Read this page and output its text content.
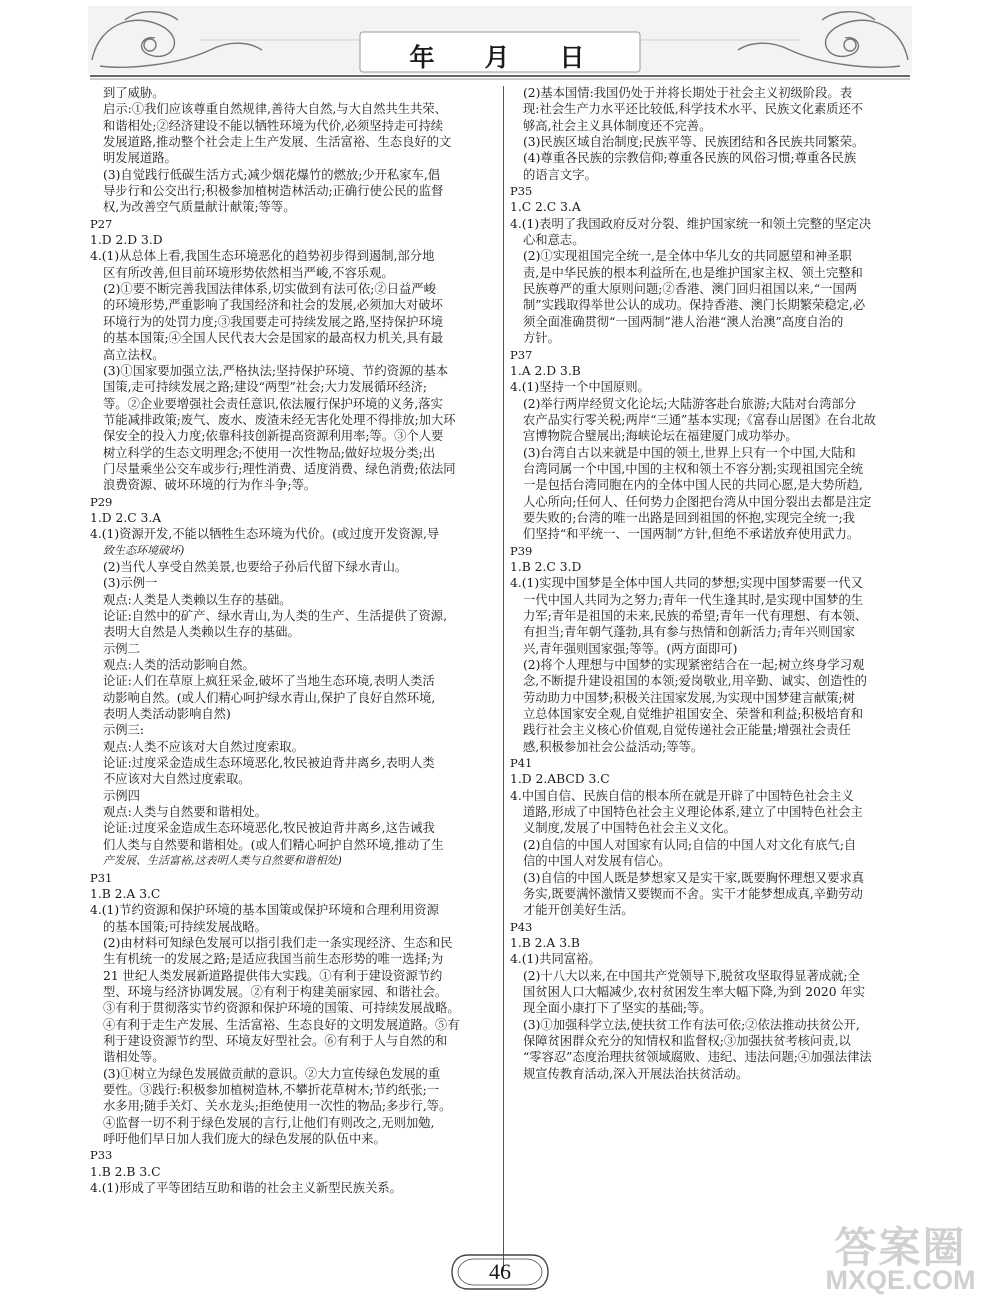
年 月 日
到了威胁。
启示:①我们应该尊重自然规律,善待大自然,与大自然共生共荣、
和谐相处;②经济建设不能以牺牲环境为代价,必须坚持走可持续
发展道路,推动整个社会走上生产发展、生活富裕、生态良好的文
明发展道路。
(3)自觉践行低碳生活方式;减少烟花爆竹的燃放;少开私家车,倡
导步行和公交出行;积极参加植树造林活动;正确行使公民的监督
权,为改善空气质量献计献策;等等。
P27
1.D 2.D 3.D
4.(1)从总体上看,我国生态环境恶化的趋势初步得到遏制,部分地
区有所改善,但目前环境形势依然相当严峻,不容乐观。
(2)①要不断完善我国法律体系,切实做到有法可依;②日益严峻
的环境形势,严重影响了我国经济和社会的发展,必须加大对破坏
环境行为的处罚力度;③我国要走可持续发展之路,坚持保护环境
的基本国策;④全国人民代表大会是国家的最高权力机关,具有最
高立法权。
(3)①国家要加强立法,严格执法;坚持保护环境、节约资源的基本
国策,走可持续发展之路;建设“两型”社会;大力发展循环经济;
等。②企业要增强社会责任意识,依法履行保护环境的义务,落实
节能减排政策;废气、废水、废渣未经无害化处理不得排放;加大环
保安全的投入力度;依靠科技创新提高资源利用率;等。③个人要
树立科学的生态文明理念;不使用一次性物品;做好垃圾分类;出
门尽量乘坐公交车或步行;理性消费、适度消费、绿色消费;依法同
浪费资源、破坏环境的行为作斗争;等。
P29
1.D 2.C 3.A
4.(1)资源开发,不能以牺牲生态环境为代价。(或过度开发资源,导
致生态环境破坏)
(2)当代人享受自然美景,也要给子孙后代留下绿水青山。
(3)示例一
观点:人类是人类赖以生存的基础。
论证:自然中的矿产、绿水青山,为人类的生产、生活提供了资源,
表明大自然是人类赖以生存的基础。
示例二
观点:人类的活动影响自然。
论证:人们在草原上疯狂采金,破坏了当地生态环境,表明人类活
动影响自然。(或人们精心呵护绿水青山,保护了良好自然环境,
表明人类活动影响自然)
示例三:
观点:人类不应该对大自然过度索取。
论证:过度采金造成生态环境恶化,牧民被迫背井离乡,表明人类
不应该对大自然过度索取。
示例四
观点:人类与自然要和谐相处。
论证:过度采金造成生态环境恶化,牧民被迫背井离乡,这告诫我
们人类与自然要和谐相处。(或人们精心呵护自然环境,推动了生
产发展、生活富裕,这表明人类与自然要和谐相处)
P31
1.B 2.A 3.C
4.(1)节约资源和保护环境的基本国策或保护环境和合理利用资源
的基本国策;可持续发展战略。
(2)由材料可知绿色发展可以指引我们走一条实现经济、生态和民
生有机统一的发展之路;是适应我国当前生态形势的唯一选择;为
21 世纪人类发展新道路提供伟大实践。①有利于建设资源节约
型、环境与经济协调发展。②有利于构建美丽家园、和谐社会。
③有利于贯彻落实节约资源和保护环境的国策、可持续发展战略。
④有利于走生产发展、生活富裕、生态良好的文明发展道路。⑤有
利于建设资源节约型、环境友好型社会。⑥有利于人与自然的和
谐相处等。
(3)①树立为绿色发展做贡献的意识。②大力宣传绿色发展的重
要性。③践行:积极参加植树造林,不攀折花草树木;节约纸张;一
水多用;随手关灯、关水龙头;拒绝使用一次性的物品;多步行,等。
④监督一切不利于绿色发展的言行,让他们有则改之,无则加勉,
呼吁他们早日加人我们庞大的绿色发展的队伍中来。
P33
1.B 2.B 3.C
4.(1)形成了平等团结互助和谐的社会主义新型民族关系。
(2)基本国情:我国仍处于并将长期处于社会主义初级阶段。表
现:社会生产力水平还比较低,科学技术水平、民族文化素质还不
够高,社会主义具体制度还不完善。
(3)民族区域自治制度;民族平等、民族团结和各民族共同繁荣。
(4)尊重各民族的宗教信仰;尊重各民族的风俗习惯;尊重各民族
的语言文字。
P35
1.C 2.C 3.A
4.(1)表明了我国政府反对分裂、维护国家统一和领土完整的坚定决
心和意志。
(2)①实现祖国完全统一,是全体中华儿女的共同愿望和神圣职
责,是中华民族的根本利益所在,也是维护国家主权、领土完整和
民族尊严的重大原则问题;②香港、澳门回归祖国以来,“一国两
制”实践取得举世公认的成功。保持香港、澳门长期繁荣稳定,必
须全面准确贯彻“一国两制”港人治港“澳人治澳”高度自治的
方针。
P37
1.A 2.D 3.B
4.(1)坚持一个中国原则。
(2)举行两岸经贸文化论坛;大陆游客赴台旅游;大陆对台湾部分
农产品实行零关税;两岸“三通”基本实现;《富春山居图》在台北故
宫博物院合璧展出;海峡论坛在福建厦门成功举办。
(3)台湾自古以来就是中国的领土,世界上只有一个中国,大陆和
台湾同属一个中国,中国的主权和领土不容分割;实现祖国完全统
一是包括台湾同胞在内的全体中国人民的共同心愿,是大势所趋,
人心所向;任何人、任何势力企图把台湾从中国分裂出去都是注定
要失败的;台湾的唯一出路是回到祖国的怀抱,实现完全统一;我
们坚持“和平统一、一国两制”方针,但绝不承诺放弃使用武力。
P39
1.B 2.C 3.D
4.(1)实现中国梦是全体中国人共同的梦想;实现中国梦需要一代又
一代中国人共同为之努力;青年一代生逢其时,是实现中国梦的生
力军;青年是祖国的未来,民族的希望;青年一代有理想、有本领、
有担当;青年朝气蓬勃,具有参与热情和创新活力;青年兴则国家
兴,青年强则国家强;等等。(两方面即可)
(2)将个人理想与中国梦的实现紧密结合在一起;树立终身学习观
念,不断提升建设祖国的本领;爱岗敬业,用辛勤、诚实、创造性的
劳动助力中国梦;积极关注国家发展,为实现中国梦建言献策;树
立总体国家安全观,自觉维护祖国安全、荣誉和利益;积极培育和
践行社会主义核心价值观,自觉传递社会正能量;增强社会责任
感,积极参加社会公益活动;等等。
P41
1.D 2.ABCD 3.C
4.中国自信、民族自信的根本所在就是开辟了中国特色社会主义
道路,形成了中国特色社会主义理论体系,建立了中国特色社会主
义制度,发展了中国特色社会主义文化。
(2)自信的中国人对国家有认同;自信的中国人对文化有底气;自
信的中国人对发展有信心。
(3)自信的中国人既是梦想家又是实干家,既要胸怀理想又要求真
务实,既要满怀激情又要锲而不舍。实干才能梦想成真,辛勤劳动
才能开创美好生活。
P43
1.B 2.A 3.B
4.(1)共同富裕。
(2)十八大以来,在中国共产党领导下,脱贫攻坚取得显著成就;全
国贫困人口大幅减少,农村贫困发生率大幅下降,为到 2020 年实
现全面小康打下了坚实的基础;等。
(3)①加强科学立法,使扶贫工作有法可依;②依法推动扶贫公开,
保障贫困群众充分的知情权和监督权;③加强扶贫考核问责,以
“零容忍”态度治理扶贫领域腐败、违纪、违法问题;④加强法律法
规宣传教育活动,深入开展法治扶贫活动。
46	答案圈
MXQE.COM
